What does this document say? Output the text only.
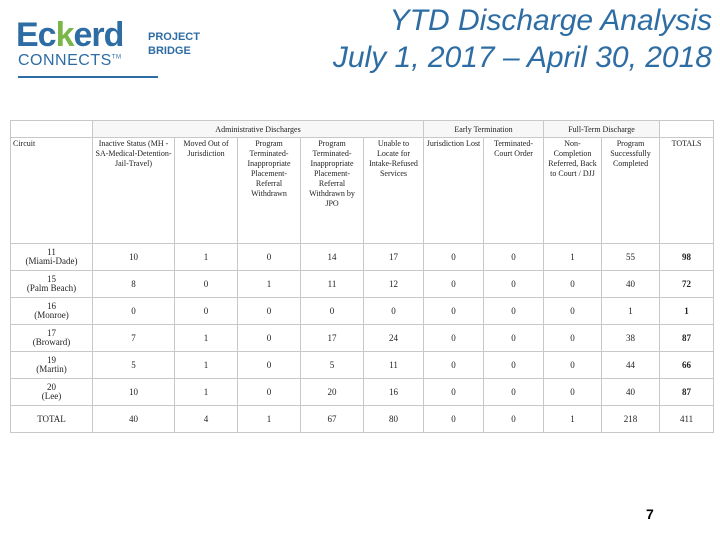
Eckerd
CONNECTS™
PROJECT
BRIDGE
YTD Discharge Analysis
July 1, 2017 – April 30, 2018
	Administrative Discharges					Early Termination		Full-Term Discharge		
Circuit	Inactive Status (MH -SA-Medical-Detention-Jail-Travel)	Moved Out of Jurisdiction	Program Terminated-Inappropriate Placement-Referral Withdrawn	Program Terminated-Inappropriate Placement-Referral Withdrawn by JPO	Unable to Locate for Intake-Refused Services	Jurisdiction Lost	Terminated-Court Order	Non-Completion Referred, Back to Court / DJJ	Program Successfully Completed	TOTALS

11
(Miami-Dade)	10	1	0	14	17	0	0	1	55	98

15
(Palm Beach)	8	0	1	11	12	0	0	0	40	72

16
(Monroe)	0	0	0	0	0	0	0	0	1	1

17
(Broward)	7	1	0	17	24	0	0	0	38	87

19
(Martin)	5	1	0	5	11	0	0	0	44	66

20
(Lee)	10	1	0	20	16	0	0	0	40	87
TOTAL	40	4	1	67	80	0	0	1	218	411
7
